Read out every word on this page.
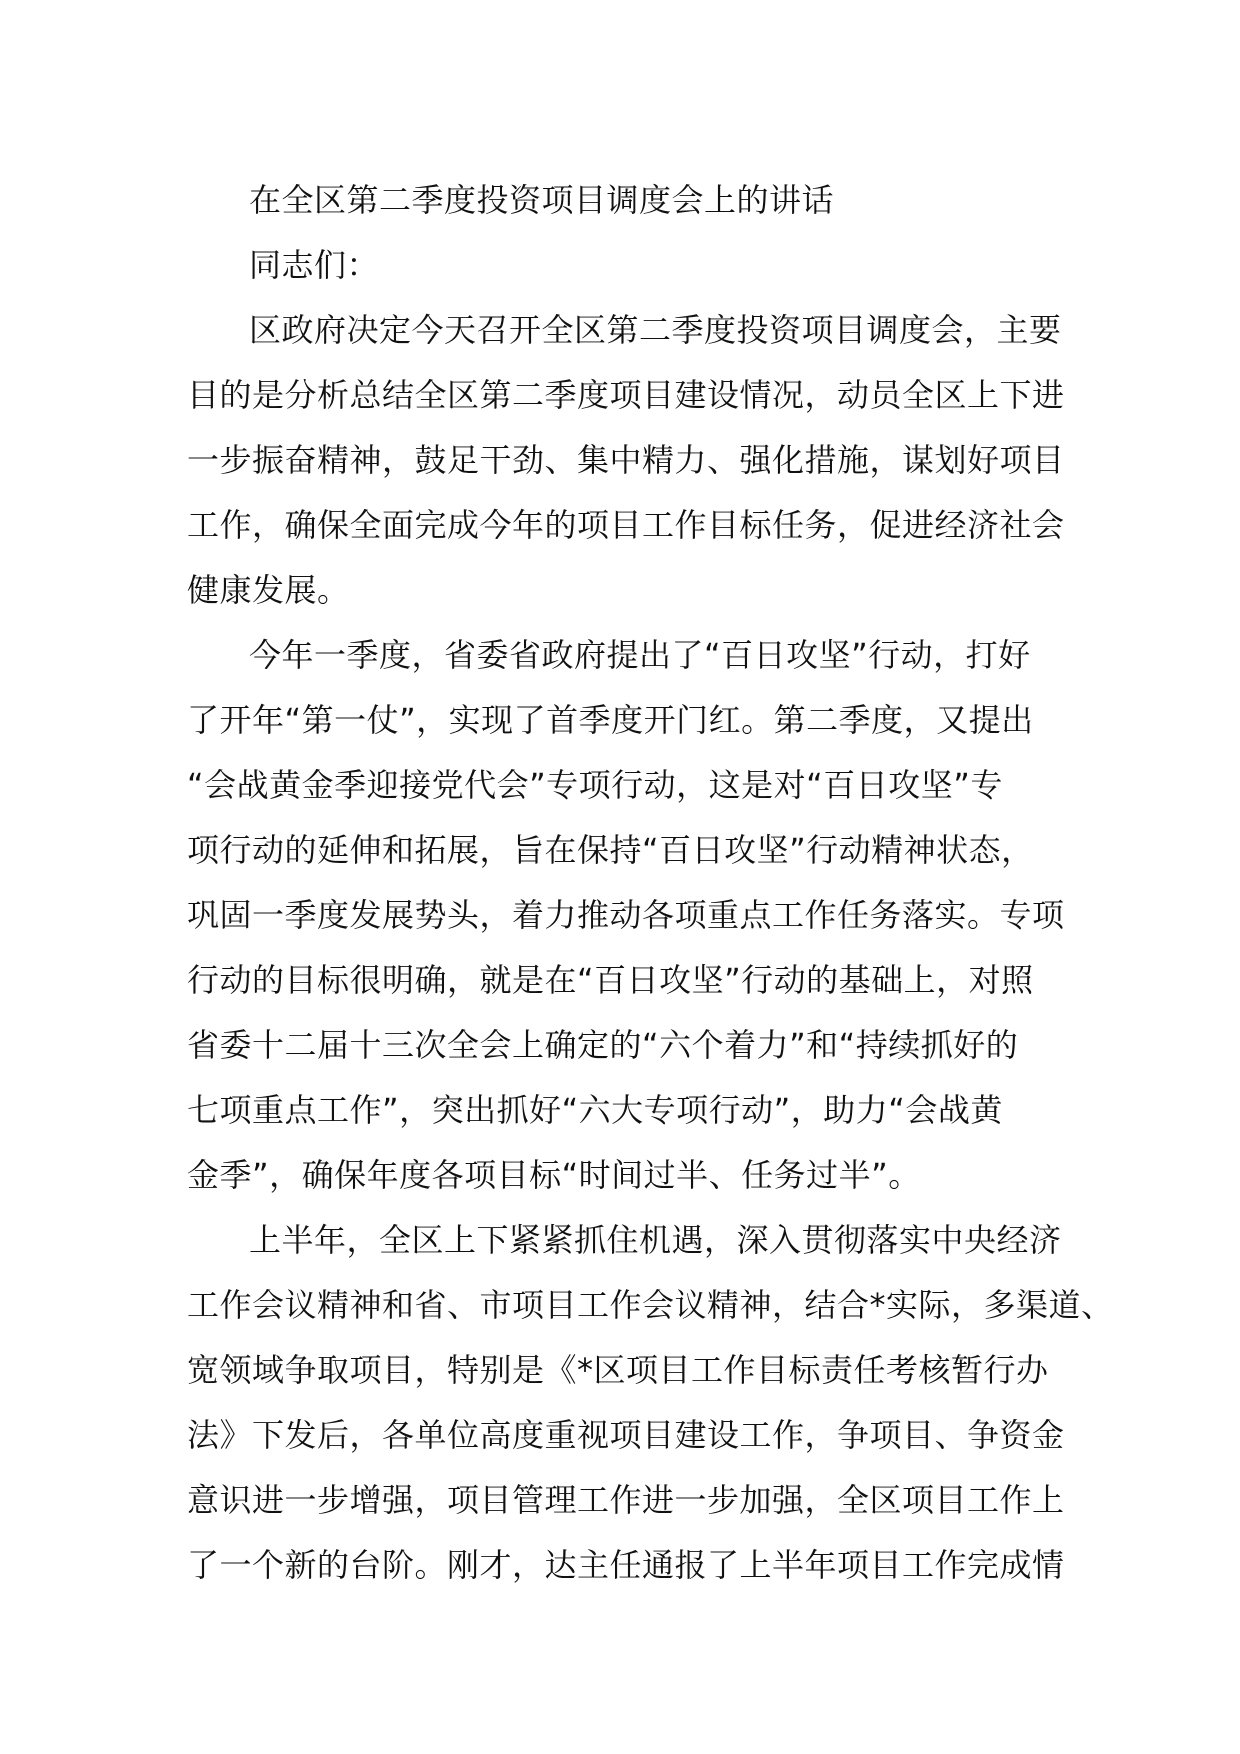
在全区第二季度投资项目调度会上的讲话
同志们：
区政府决定今天召开全区第二季度投资项目调度会，主要
目的是分析总结全区第二季度项目建设情况，动员全区上下进
一步振奋精神，鼓足干劲、集中精力、强化措施，谋划好项目
工作，确保全面完成今年的项目工作目标任务，促进经济社会
健康发展。
今年一季度，省委省政府提出了“百日攻坚”行动，打好
了开年“第一仗”，实现了首季度开门红。第二季度，又提出
“会战黄金季迎接党代会”专项行动，这是对“百日攻坚”专
项行动的延伸和拓展，旨在保持“百日攻坚”行动精神状态，
巩固一季度发展势头，着力推动各项重点工作任务落实。专项
行动的目标很明确，就是在“百日攻坚”行动的基础上，对照
省委十二届十三次全会上确定的“六个着力”和“持续抓好的
七项重点工作”，突出抓好“六大专项行动”，助力“会战黄
金季”，确保年度各项目标“时间过半、任务过半”。
上半年，全区上下紧紧抓住机遇，深入贯彻落实中央经济
工作会议精神和省、市项目工作会议精神，结合*实际，多渠道、
宽领域争取项目，特别是《*区项目工作目标责任考核暂行办
法》下发后，各单位高度重视项目建设工作，争项目、争资金
意识进一步增强，项目管理工作进一步加强，全区项目工作上
了一个新的台阶。刚才，达主任通报了上半年项目工作完成情
